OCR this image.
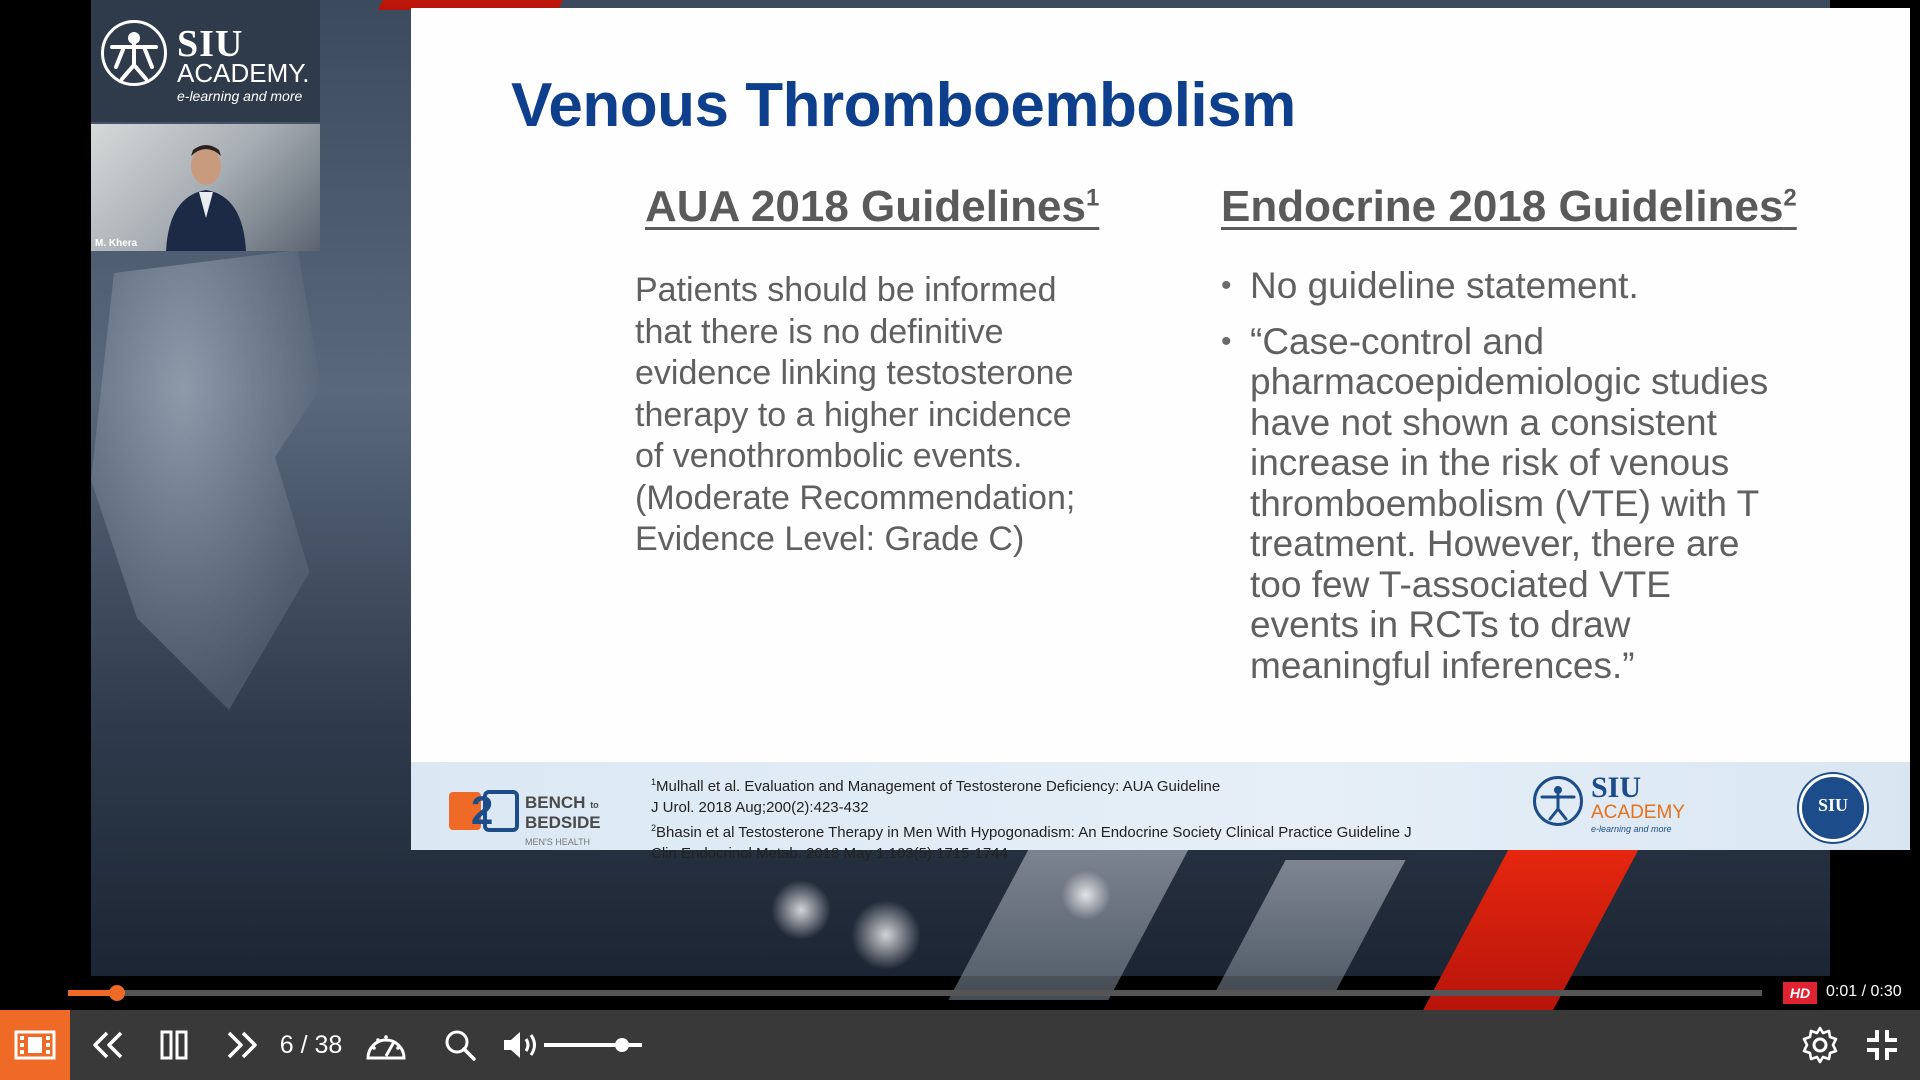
SIU
ACADEMY.
e-learning and more
M. Khera
Venous Thromboembolism
AUA 2018 Guidelines$^1$
Patients should be informed that there is no definitive evidence linking testosterone therapy to a higher incidence of venothrombolic events. (Moderate Recommendation; Evidence Level: Grade C)
Endocrine 2018 Guidelines$^2$
• No guideline statement.
• “Case-control and pharmacoepidemiologic studies have not shown a consistent increase in the risk of venous thromboembolism (VTE) with T treatment. However, there are too few T-associated VTE events in RCTs to draw meaningful inferences.”
2 BENCH to
BEDSIDE
MEN'S HEALTH
$^1$Mulhall et al. Evaluation and Management of Testosterone Deficiency: AUA Guideline
J Urol. 2018 Aug;200(2):423-432
$^2$Bhasin et al Testosterone Therapy in Men With Hypogonadism: An Endocrine Society Clinical Practice Guideline J
Clin Endocrinol Metab. 2018 May 1;103(5):1715-1744
SIU
ACADEMY
e-learning and more
SIU
HD 0:01 / 0:30
6 / 38
